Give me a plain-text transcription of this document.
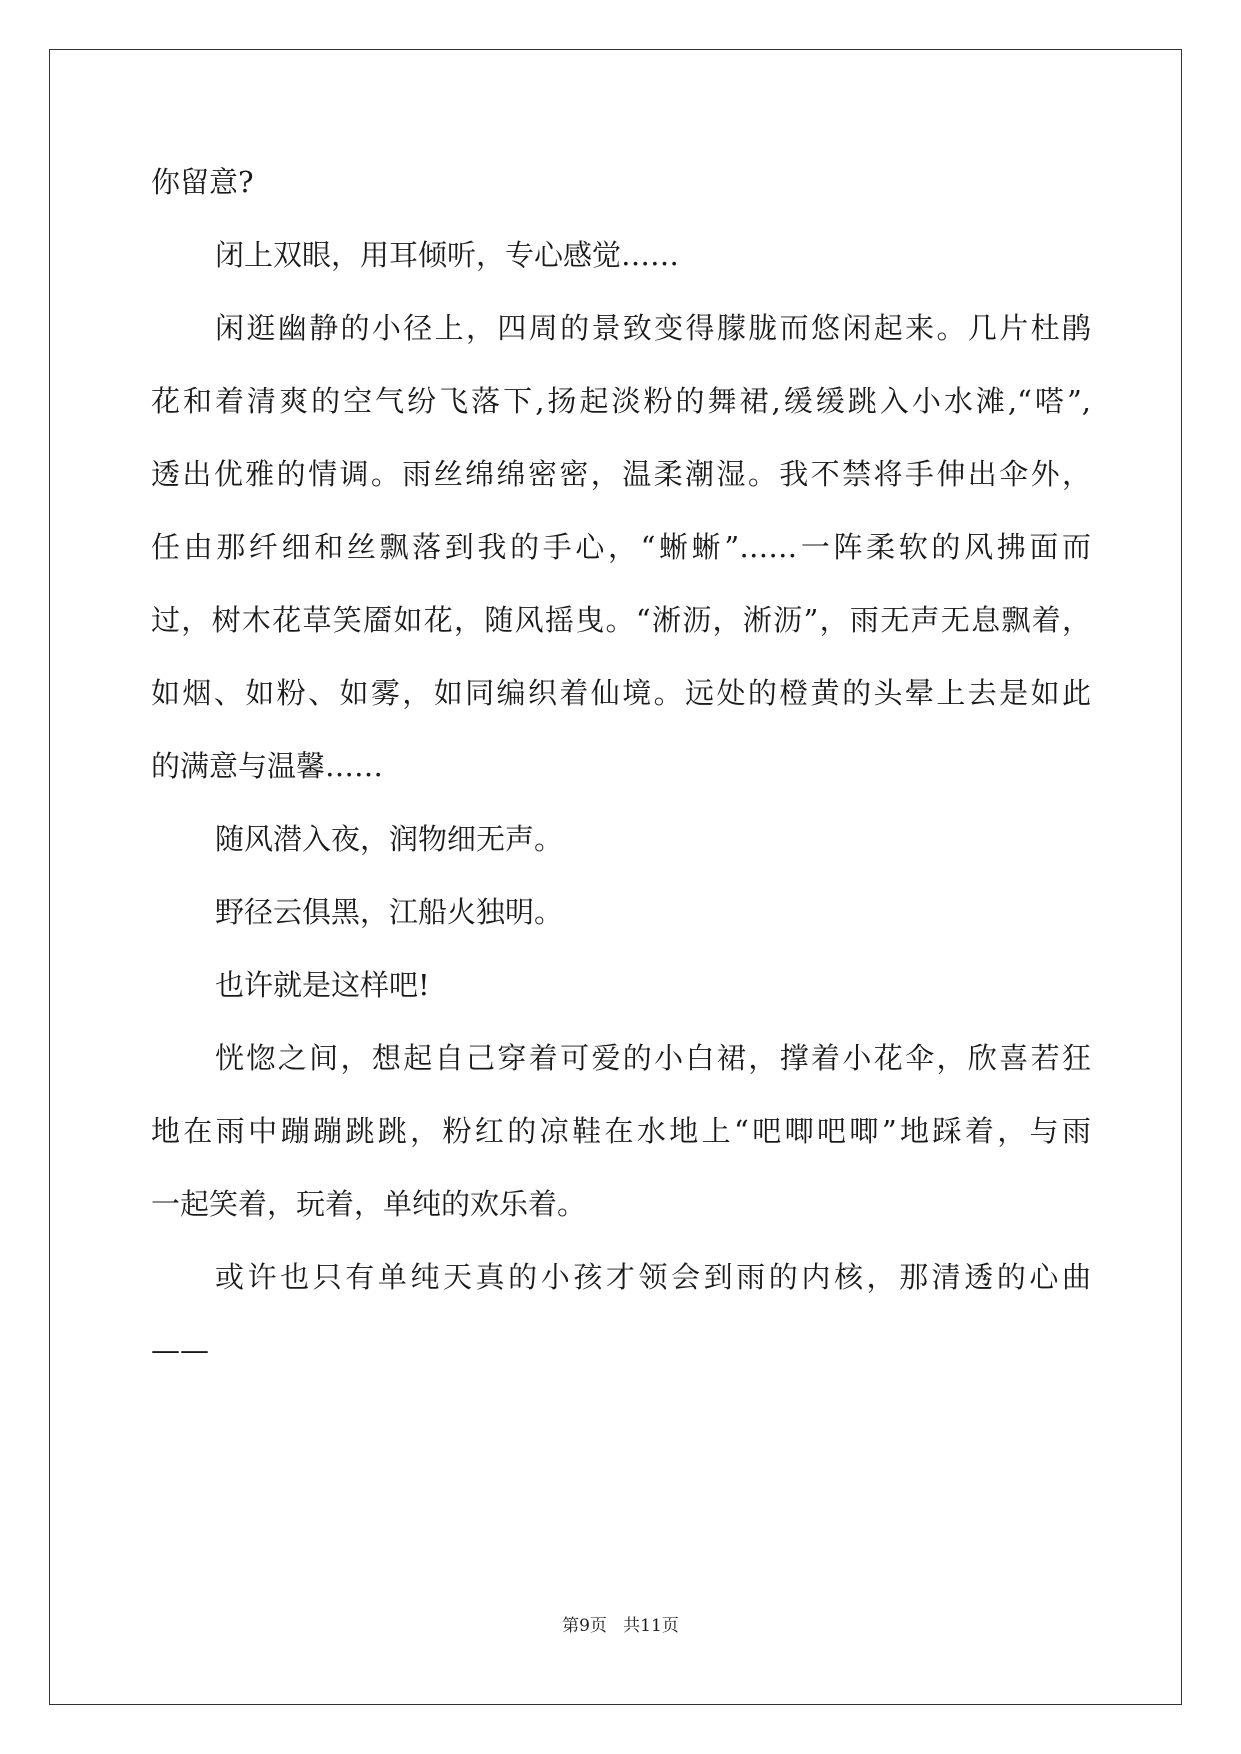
你留意?
闭上双眼，用耳倾听，专心感觉……
闲逛幽静的小径上，四周的景致变得朦胧而悠闲起来。几片杜鹃
花和着清爽的空气纷飞落下,扬起淡粉的舞裙,缓缓跳入小水滩,“嗒”,
透出优雅的情调。雨丝绵绵密密，温柔潮湿。我不禁将手伸出伞外，
任由那纤细和丝飘落到我的手心，“蜥蜥”……一阵柔软的风拂面而
过，树木花草笑靥如花，随风摇曳。“淅沥，淅沥”，雨无声无息飘着，
如烟、如粉、如雾，如同编织着仙境。远处的橙黄的头晕上去是如此
的满意与温馨……
随风潜入夜，润物细无声。
野径云俱黑，江船火独明。
也许就是这样吧!
恍惚之间，想起自己穿着可爱的小白裙，撑着小花伞，欣喜若狂
地在雨中蹦蹦跳跳，粉红的凉鞋在水地上“吧唧吧唧”地踩着，与雨
一起笑着，玩着，单纯的欢乐着。
或许也只有单纯天真的小孩才领会到雨的内核，那清透的心曲
——
第9页   共11页
